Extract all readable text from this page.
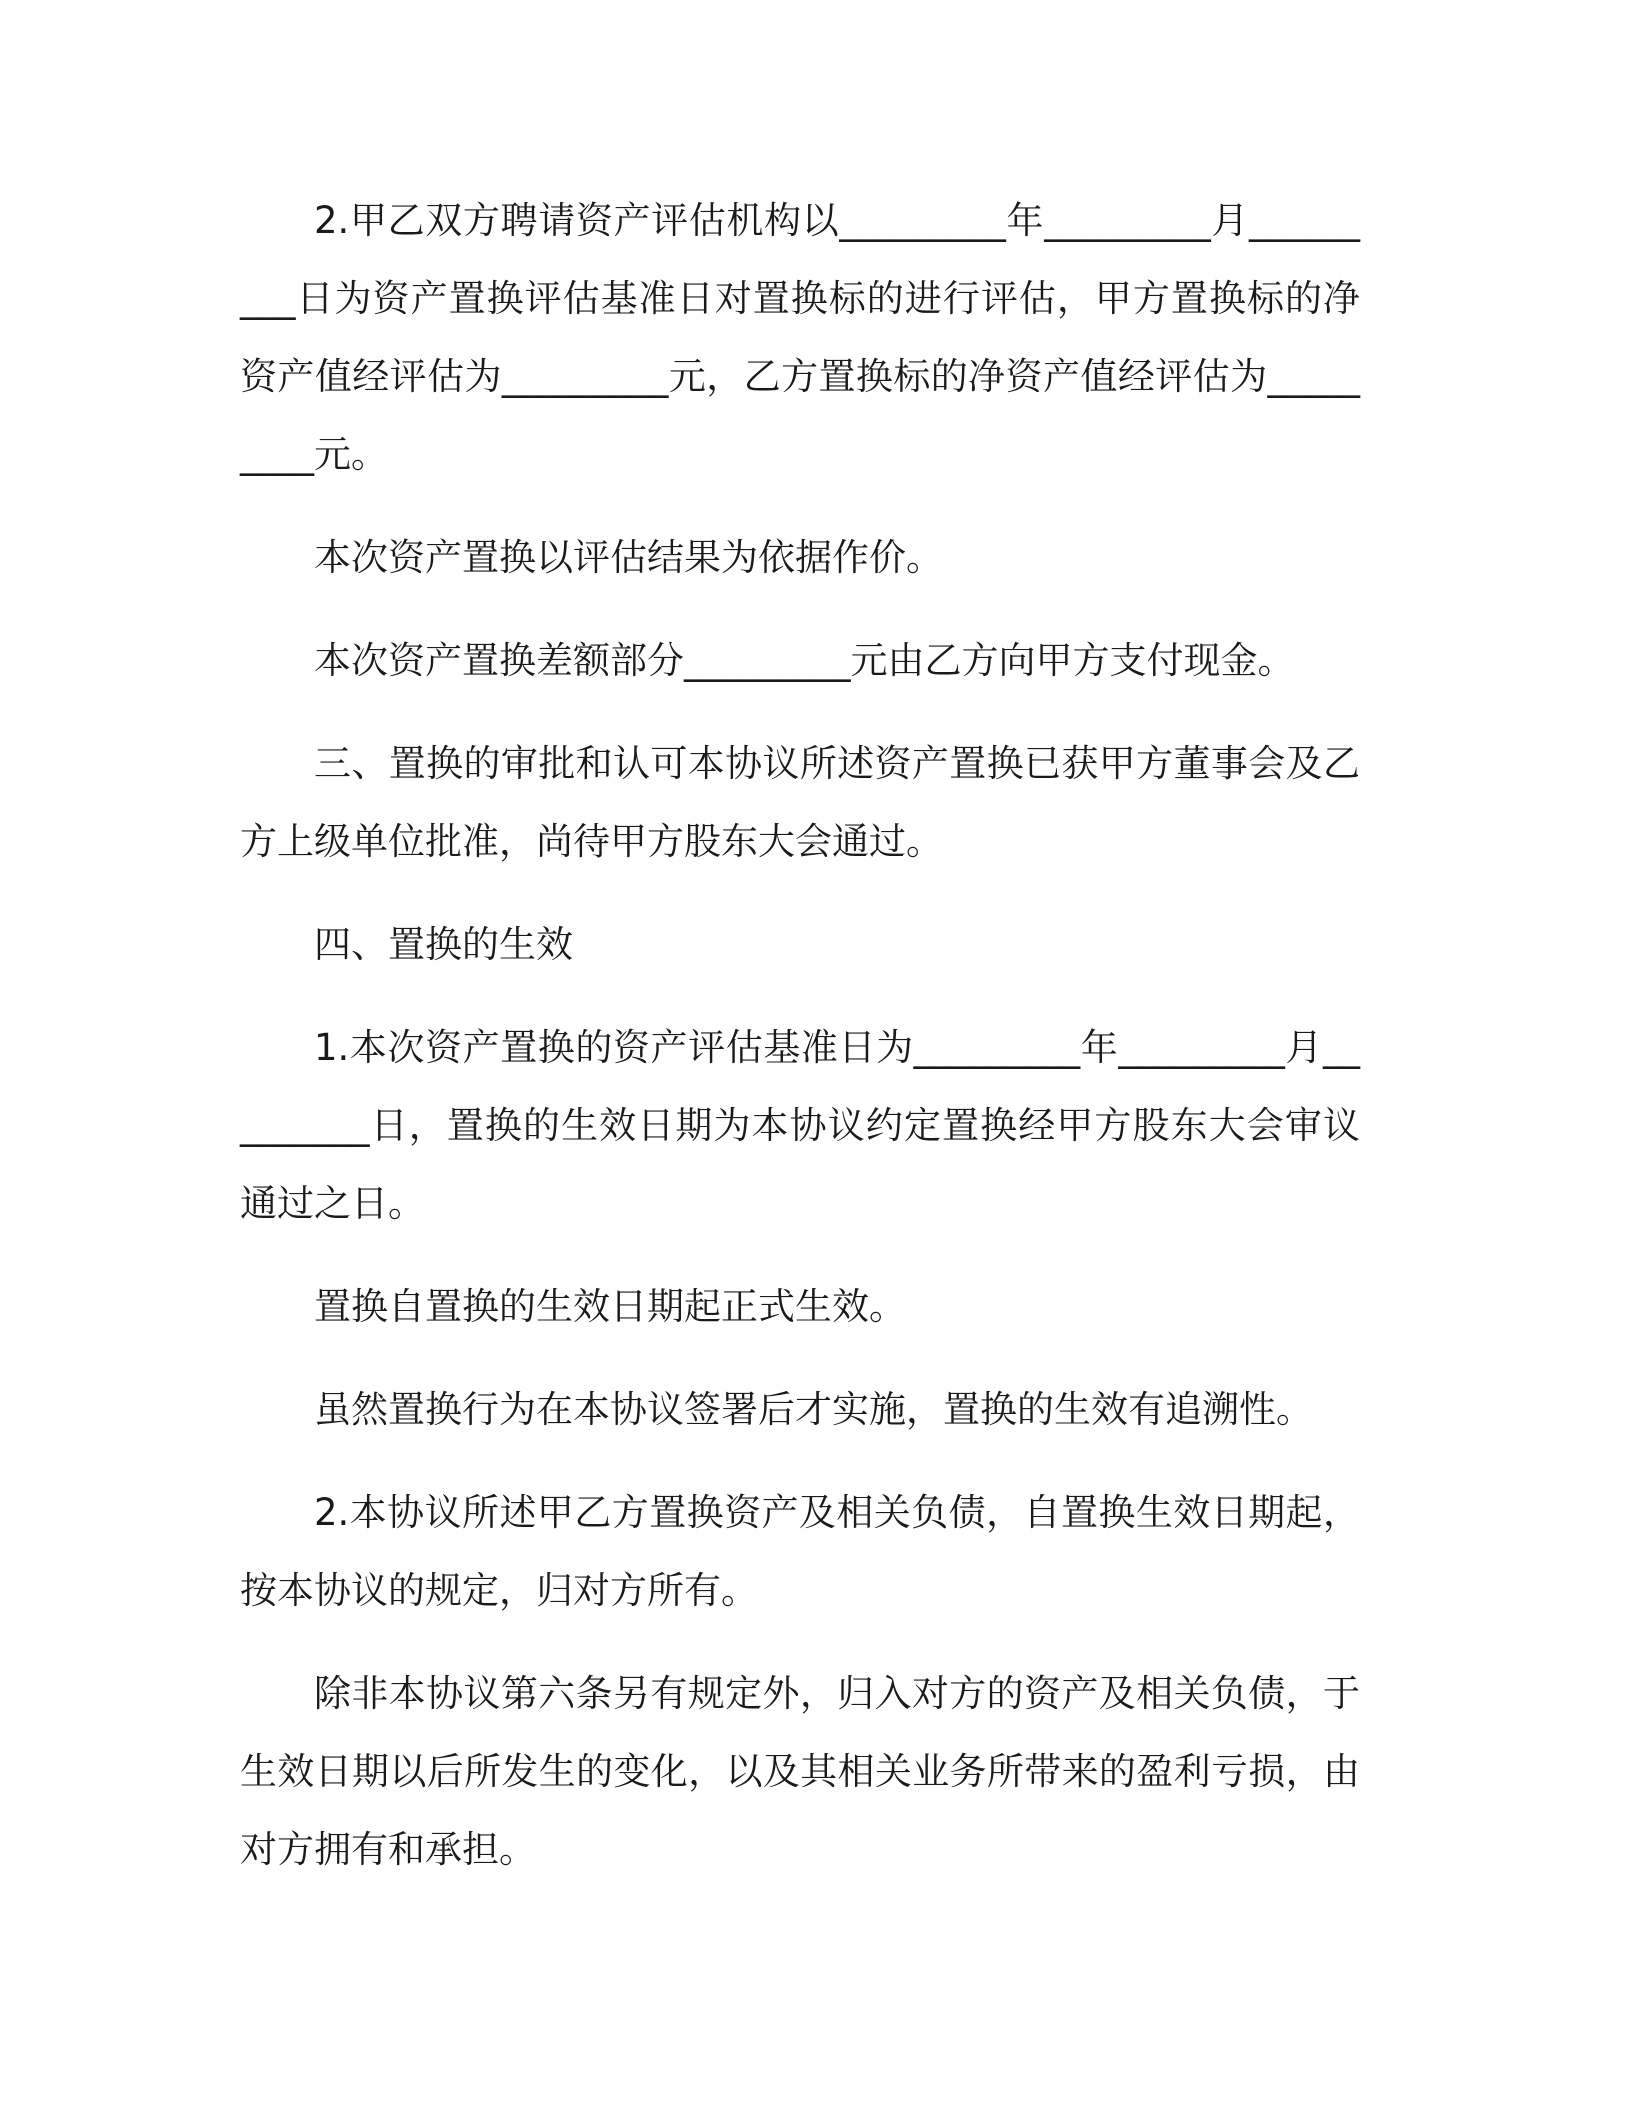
2.甲乙双方聘请资产评估机构以_________年_________月_________日为资产置换评估基准日对置换标的进行评估，甲方置换标的净资产值经评估为_________元，乙方置换标的净资产值经评估为_________元。

本次资产置换以评估结果为依据作价。

本次资产置换差额部分_________元由乙方向甲方支付现金。

三、置换的审批和认可本协议所述资产置换已获甲方董事会及乙方上级单位批准，尚待甲方股东大会通过。

四、置换的生效

1.本次资产置换的资产评估基准日为_________年_________月_________日，置换的生效日期为本协议约定置换经甲方股东大会审议通过之日。

置换自置换的生效日期起正式生效。

虽然置换行为在本协议签署后才实施，置换的生效有追溯性。

2.本协议所述甲乙方置换资产及相关负债，自置换生效日期起，按本协议的规定，归对方所有。

除非本协议第六条另有规定外，归入对方的资产及相关负债，于生效日期以后所发生的变化，以及其相关业务所带来的盈利亏损，由对方拥有和承担。
